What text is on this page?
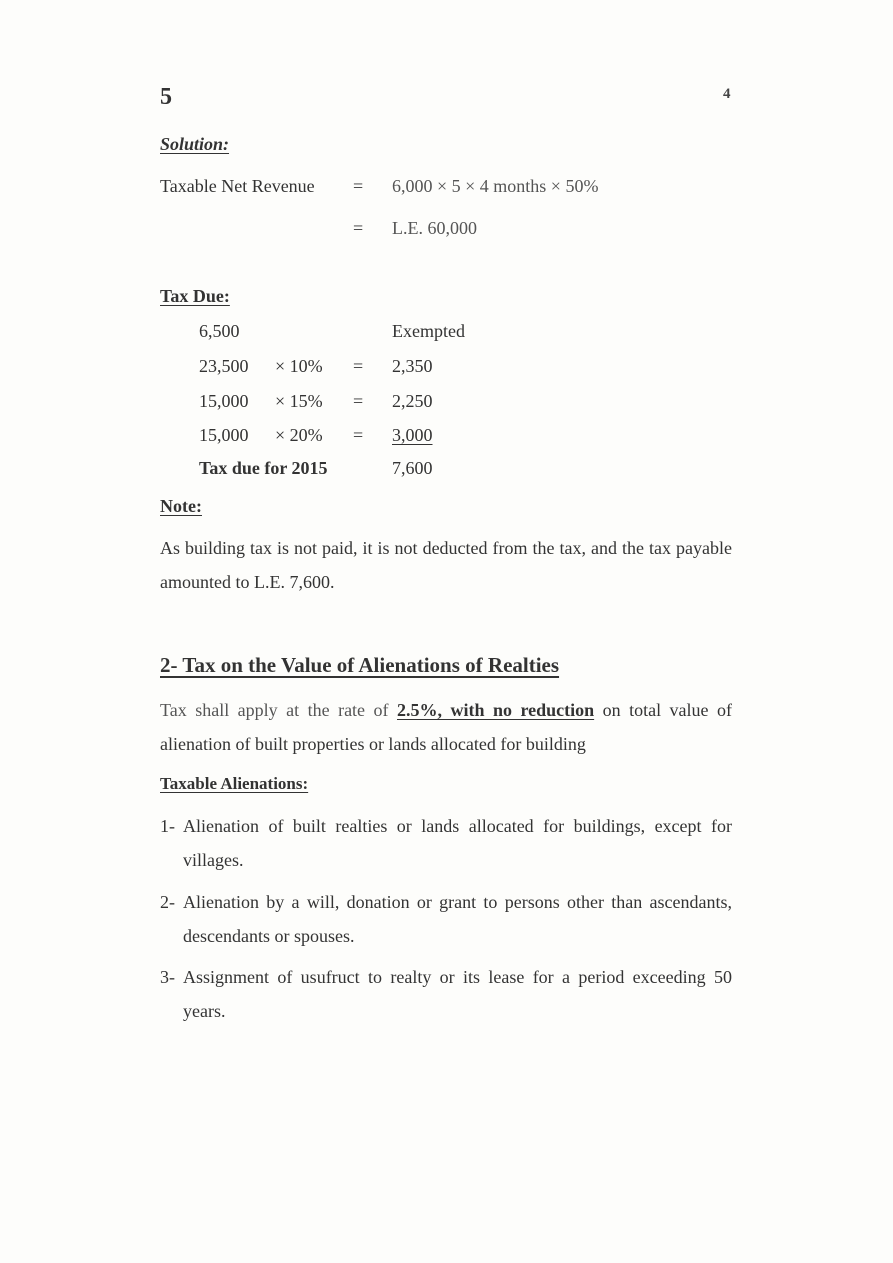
5	4
Solution:
Taxable Net Revenue = 6,000 × 5 × 4 months × 50%
= L.E. 60,000
Tax Due:
6,500	Exempted
23,500 × 10% = 2,350
15,000 × 15% = 2,250
15,000 × 20% = 3,000
Tax due for 2015	7,600
Note:
As building tax is not paid, it is not deducted from the tax, and the tax payable amounted to L.E. 7,600.
2- Tax on the Value of Alienations of Realties
Tax shall apply at the rate of 2.5%, with no reduction on total value of alienation of built properties or lands allocated for building
Taxable Alienations:
1- Alienation of built realties or lands allocated for buildings, except for villages.
2- Alienation by a will, donation or grant to persons other than ascendants, descendants or spouses.
3- Assignment of usufruct to realty or its lease for a period exceeding 50 years.
